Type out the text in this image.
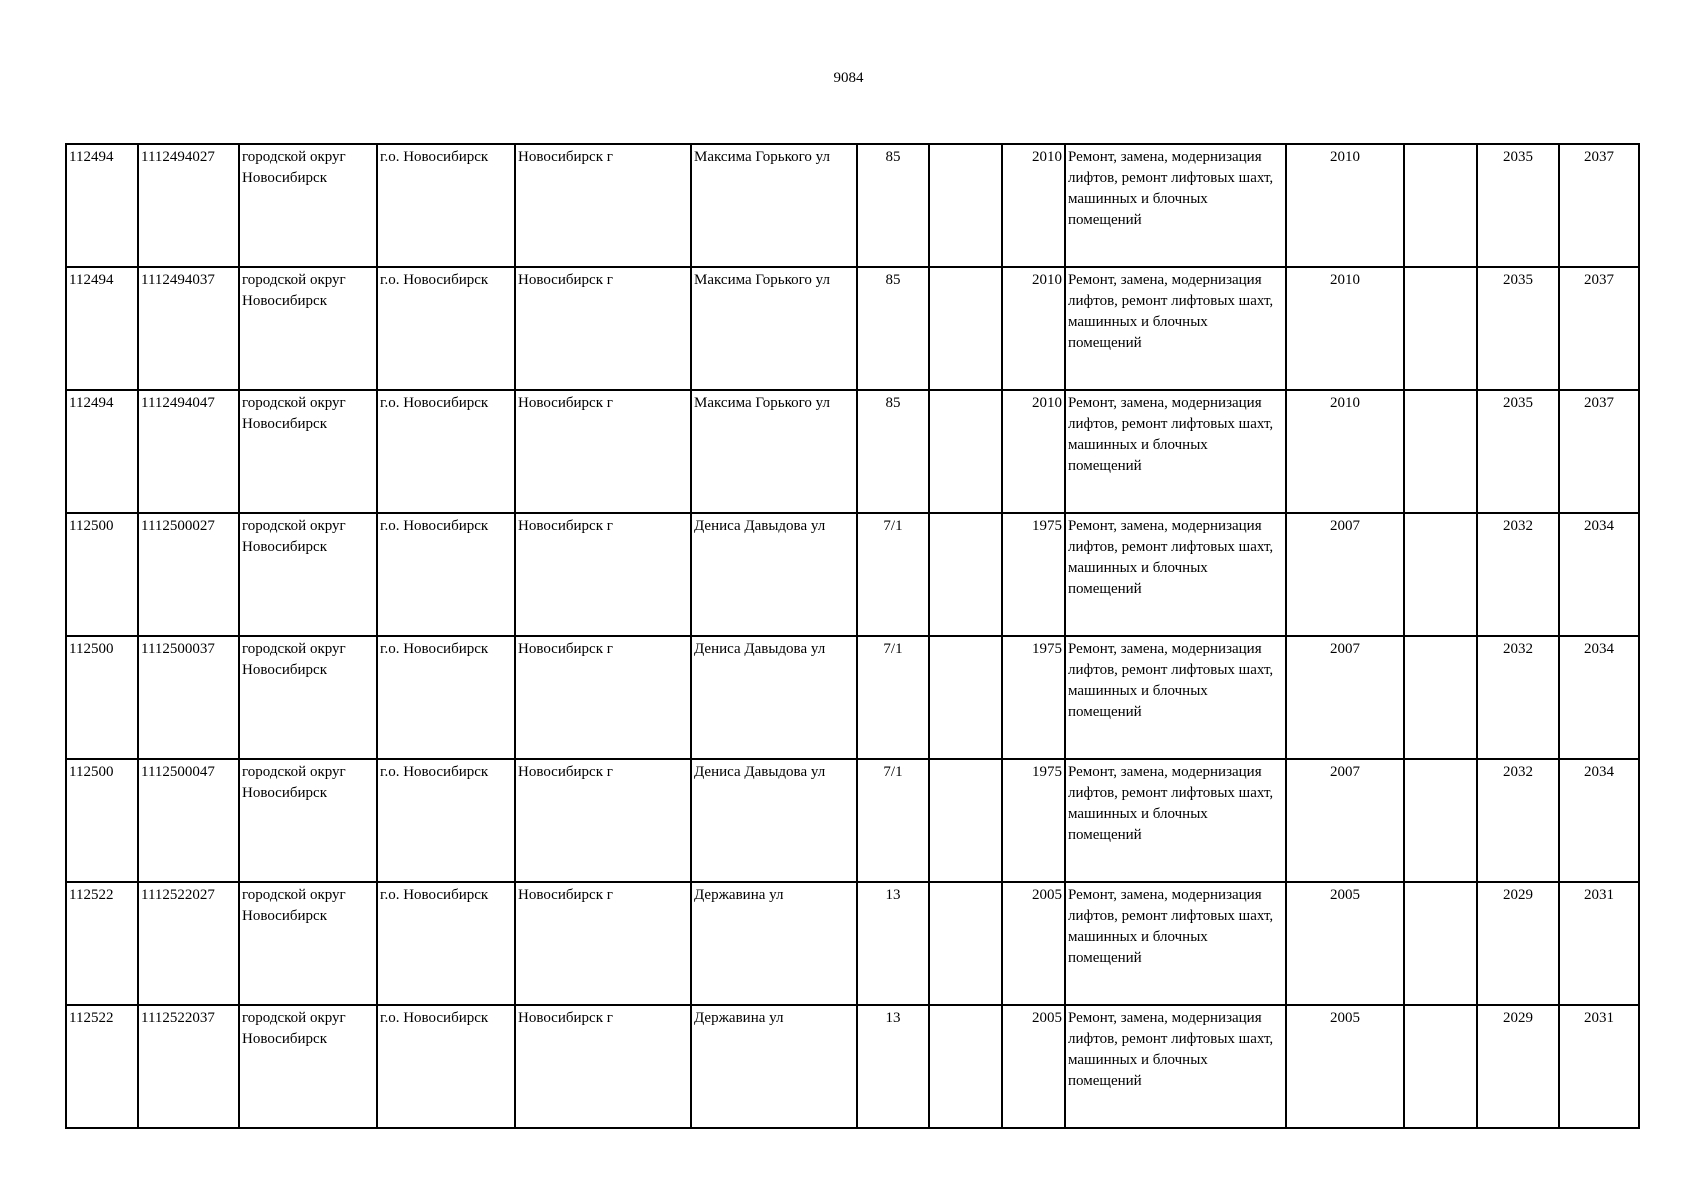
9084
112494	1112494027	городской округ Новосибирск	г.о. Новосибирск	Новосибирск г	Максима Горького ул	85		2010	Ремонт, замена, модернизация лифтов, ремонт лифтовых шахт, машинных и блочных помещений	2010		2035	2037
112494	1112494037	городской округ Новосибирск	г.о. Новосибирск	Новосибирск г	Максима Горького ул	85		2010	Ремонт, замена, модернизация лифтов, ремонт лифтовых шахт, машинных и блочных помещений	2010		2035	2037
112494	1112494047	городской округ Новосибирск	г.о. Новосибирск	Новосибирск г	Максима Горького ул	85		2010	Ремонт, замена, модернизация лифтов, ремонт лифтовых шахт, машинных и блочных помещений	2010		2035	2037
112500	1112500027	городской округ Новосибирск	г.о. Новосибирск	Новосибирск г	Дениса Давыдова ул	7/1		1975	Ремонт, замена, модернизация лифтов, ремонт лифтовых шахт, машинных и блочных помещений	2007		2032	2034
112500	1112500037	городской округ Новосибирск	г.о. Новосибирск	Новосибирск г	Дениса Давыдова ул	7/1		1975	Ремонт, замена, модернизация лифтов, ремонт лифтовых шахт, машинных и блочных помещений	2007		2032	2034
112500	1112500047	городской округ Новосибирск	г.о. Новосибирск	Новосибирск г	Дениса Давыдова ул	7/1		1975	Ремонт, замена, модернизация лифтов, ремонт лифтовых шахт, машинных и блочных помещений	2007		2032	2034
112522	1112522027	городской округ Новосибирск	г.о. Новосибирск	Новосибирск г	Державина ул	13		2005	Ремонт, замена, модернизация лифтов, ремонт лифтовых шахт, машинных и блочных помещений	2005		2029	2031
112522	1112522037	городской округ Новосибирск	г.о. Новосибирск	Новосибирск г	Державина ул	13		2005	Ремонт, замена, модернизация лифтов, ремонт лифтовых шахт, машинных и блочных помещений	2005		2029	2031
